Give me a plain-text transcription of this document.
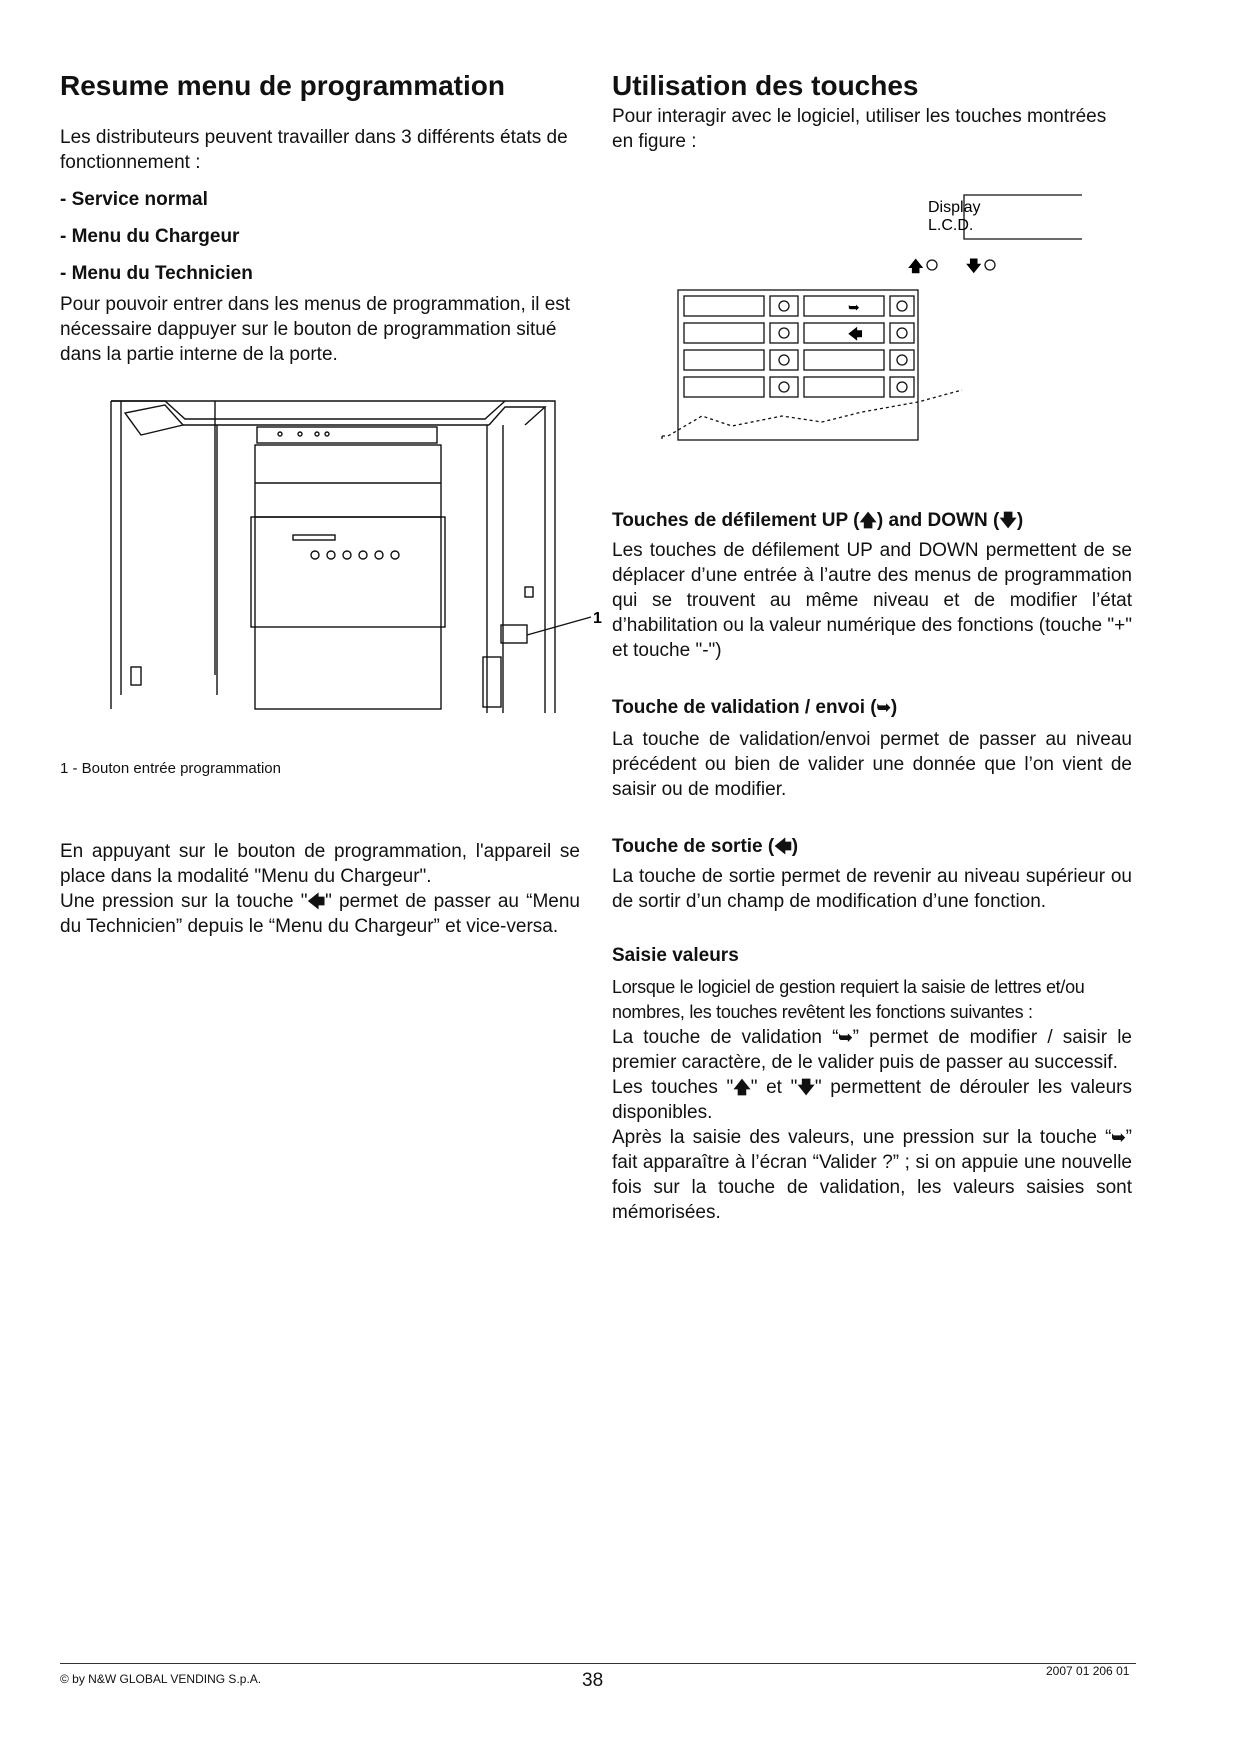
Resume menu de programmation

Les distributeurs peuvent travailler dans 3 différents états de fonctionnement :

- Service normal

- Menu du Chargeur

- Menu du Technicien

Pour pouvoir entrer dans les menus de programmation, il est nécessaire dappuyer sur le bouton de programmation situé dans la partie interne de la porte.

1

1 - Bouton entrée programmation

En appuyant sur le bouton de programmation, l'appareil se place dans la modalité "Menu du Chargeur".

Une pression sur la touche "🡄" permet de passer au “Menu du Technicien” depuis le “Menu du Chargeur” et vice-versa.

Utilisation des touches

Pour interagir avec le logiciel, utiliser les touches montrées en figure :

Display
L.C.D.
🡅	🡇
➥
🡄

Touches de défilement UP (🡅) and DOWN (🡇)

Les touches de défilement UP and DOWN permettent de se déplacer d’une entrée à l’autre des menus de programmation qui se trouvent au même niveau et de modifier l’état d’habilitation ou la valeur numérique des fonctions (touche "+" et touche "-")

Touche de validation / envoi (➥)

La touche de validation/envoi permet de passer au niveau précédent ou bien de valider une donnée que l’on vient de saisir ou de modifier.

Touche de sortie (🡄)

La touche de sortie permet de revenir au niveau supérieur ou de sortir d’un champ de modification d’une fonction.

Saisie valeurs

Lorsque le logiciel de gestion requiert la saisie de lettres et/ou nombres, les touches revêtent les fonctions suivantes :

La touche de validation “➥” permet de modifier / saisir le premier caractère, de le valider puis de passer au successif.

Les touches "🡅" et "🡇" permettent de dérouler les valeurs disponibles.

Après la saisie des valeurs, une pression sur la touche “➥” fait apparaître à l’écran “Valider ?” ; si on appuie une nouvelle fois sur la touche de validation, les valeurs saisies sont mémorisées.

© by N&W GLOBAL VENDING S.p.A.	38	2007 01 206 01
